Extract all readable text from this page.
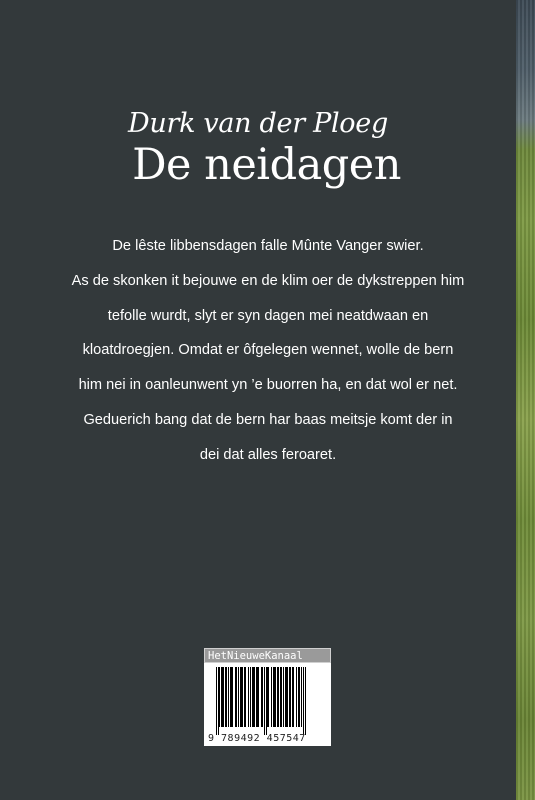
Durk van der Ploeg
De neidagen
De lêste libbensdagen falle Mûnte Vanger swier.
As de skonken it bejouwe en de klim oer de dykstreppen him
tefolle wurdt, slyt er syn dagen mei neatdwaan en
kloatdroegjen. Omdat er ôfgelegen wennet, wolle de bern
him nei in oanleunwent yn ’e buorren ha, en dat wol er net.
Geduerich bang dat de bern har baas meitsje komt der in
dei dat alles feroaret.
HetNieuweKanaal
9 789492 457547
